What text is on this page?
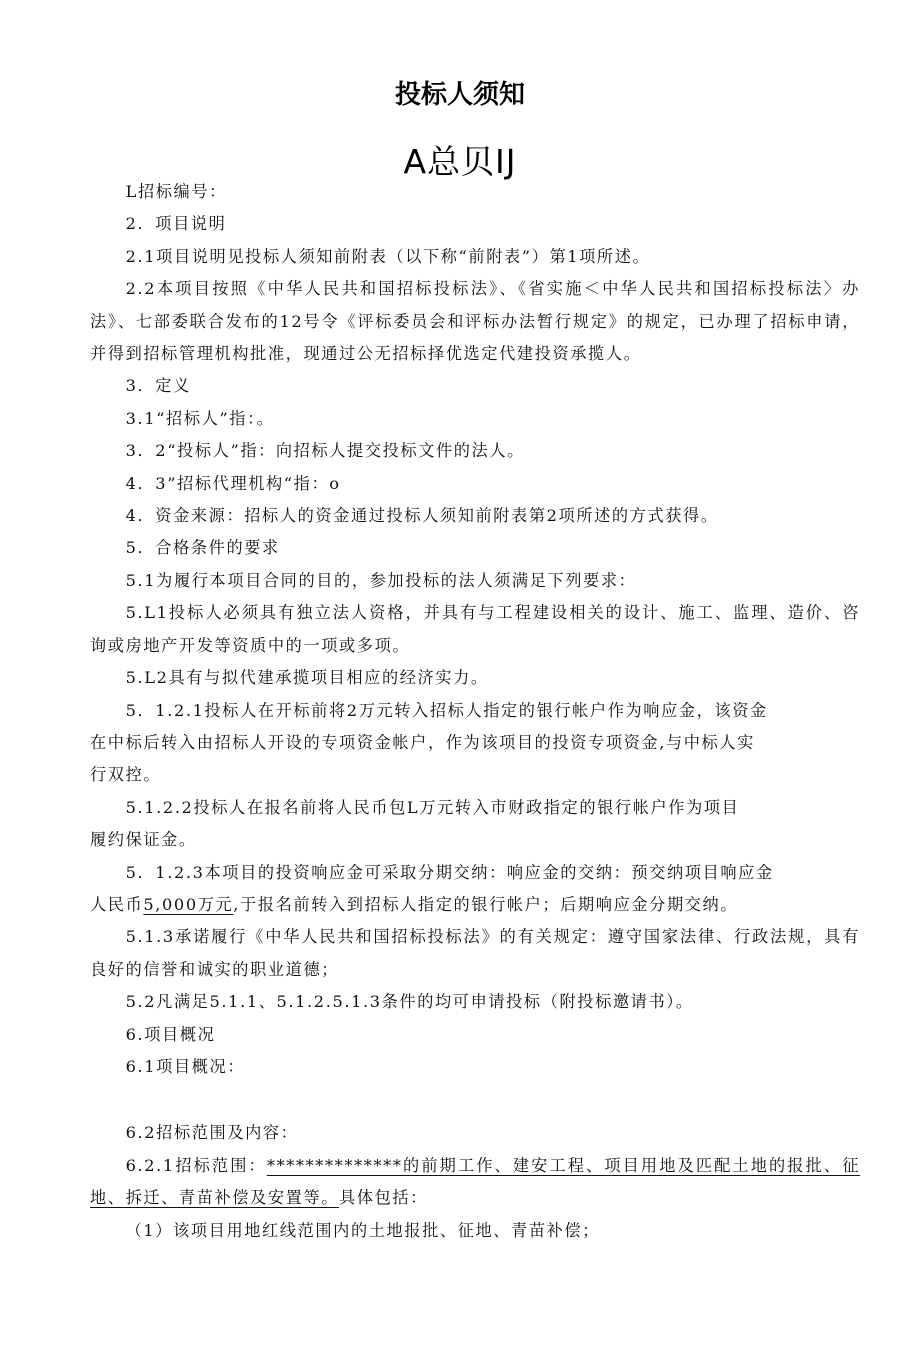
投标人须知
A总贝IJ

L招标编号：

2．项目说明

2.1项目说明见投标人须知前附表（以下称“前附表”）第1项所述。

2.2本项目按照《中华人民共和国招标投标法》、《省实施＜中华人民共和国招标投标法〉办法》、七部委联合发布的12号令《评标委员会和评标办法暂行规定》的规定，已办理了招标申请，并得到招标管理机构批准，现通过公无招标择优选定代建投资承揽人。

3．定义

3.1“招标人”指：。

3．2“投标人”指：向招标人提交投标文件的法人。

4．3”招标代理机构“指：o

4．资金来源：招标人的资金通过投标人须知前附表第2项所述的方式获得。

5．合格条件的要求

5.1为履行本项目合同的目的，参加投标的法人须满足下列要求：

5.L1投标人必须具有独立法人资格，并具有与工程建设相关的设计、施工、监理、造价、咨询或房地产开发等资质中的一项或多项。

5.L2具有与拟代建承揽项目相应的经济实力。

5．1.2.1投标人在开标前将2万元转入招标人指定的银行帐户作为响应金，该资金

在中标后转入由招标人开设的专项资金帐户，作为该项目的投资专项资金,与中标人实

行双控。

5.1.2.2投标人在报名前将人民币包L万元转入市财政指定的银行帐户作为项目

履约保证金。

5．1.2.3本项目的投资响应金可采取分期交纳：响应金的交纳：预交纳项目响应金

人民币5,000万元,于报名前转入到招标人指定的银行帐户；后期响应金分期交纳。

5.1.3承诺履行《中华人民共和国招标投标法》的有关规定：遵守国家法律、行政法规，具有良好的信誉和诚实的职业道德；

5.2凡满足5.1.1、5.1.2.5.1.3条件的均可申请投标（附投标邀请书）。

6.项目概况

6.1项目概况：

6.2招标范围及内容：

6.2.1招标范围：**************的前期工作、建安工程、项目用地及匹配土地的报批、征地、拆迁、青苗补偿及安置等。具体包括：

（1）该项目用地红线范围内的土地报批、征地、青苗补偿；
